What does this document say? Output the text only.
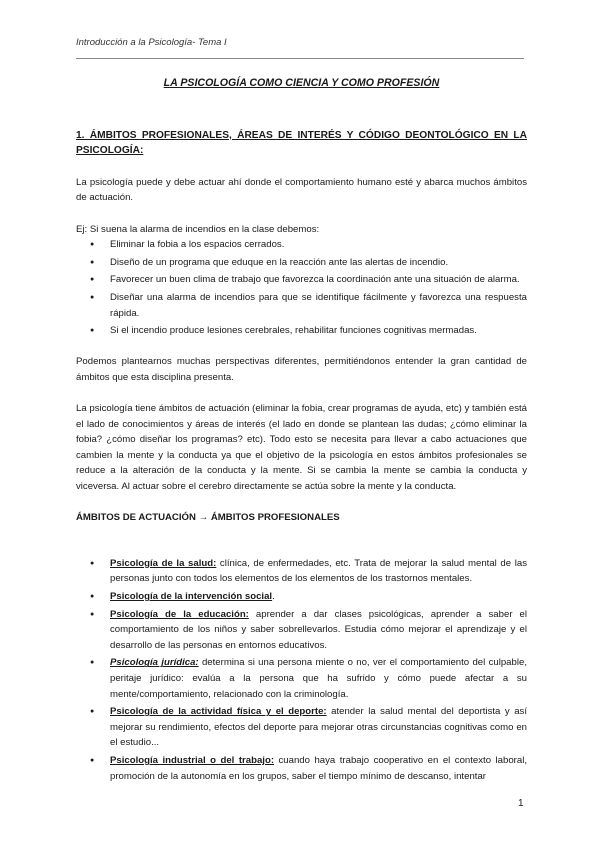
Introducción a la Psicología- Tema I
LA PSICOLOGÍA COMO CIENCIA Y COMO PROFESIÓN
1. ÁMBITOS PROFESIONALES, ÁREAS DE INTERÉS Y CÓDIGO DEONTOLÓGICO EN LA PSICOLOGÍA:

La psicología puede y debe actuar ahí donde el comportamiento humano esté y abarca muchos ámbitos de actuación.

Ej: Si suena la alarma de incendios en la clase debemos:

● Eliminar la fobia a los espacios cerrados.
● Diseño de un programa que eduque en la reacción ante las alertas de incendio.
● Favorecer un buen clima de trabajo que favorezca la coordinación ante una situación de alarma.
● Diseñar una alarma de incendios para que se identifique fácilmente y favorezca una respuesta rápida.
● Si el incendio produce lesiones cerebrales, rehabilitar funciones cognitivas mermadas.

Podemos plantearnos muchas perspectivas diferentes, permitiéndonos entender la gran cantidad de ámbitos que esta disciplina presenta.

La psicología tiene ámbitos de actuación (eliminar la fobia, crear programas de ayuda, etc) y también está el lado de conocimientos y áreas de interés (el lado en donde se plantean las dudas; ¿cómo eliminar la fobia? ¿cómo diseñar los programas? etc). Todo esto se necesita para llevar a cabo actuaciones que cambien la mente y la conducta ya que el objetivo de la psicología en estos ámbitos profesionales se reduce a la alteración de la conducta y la mente. Si se cambia la mente se cambia la conducta y viceversa. Al actuar sobre el cerebro directamente se actúa sobre la mente y la conducta.

ÁMBITOS DE ACTUACIÓN → ÁMBITOS PROFESIONALES
● Psicología de la salud: clínica, de enfermedades, etc. Trata de mejorar la salud mental de las personas junto con todos los elementos de los elementos de los trastornos mentales.
● Psicología de la intervención social.
● Psicología de la educación: aprender a dar clases psicológicas, aprender a saber el comportamiento de los niños y saber sobrellevarlos. Estudia cómo mejorar el aprendizaje y el desarrollo de las personas en entornos educativos.
● Psicología jurídica: determina si una persona miente o no, ver el comportamiento del culpable, peritaje jurídico: evalúa a la persona que ha sufrido y cómo puede afectar a su mente/comportamiento, relacionado con la criminología.
● Psicología de la actividad física y el deporte: atender la salud mental del deportista y así mejorar su rendimiento, efectos del deporte para mejorar otras circunstancias cognitivas como en el estudio...
● Psicología industrial o del trabajo: cuando haya trabajo cooperativo en el contexto laboral, promoción de la autonomía en los grupos, saber el tiempo mínimo de descanso, intentar
1
